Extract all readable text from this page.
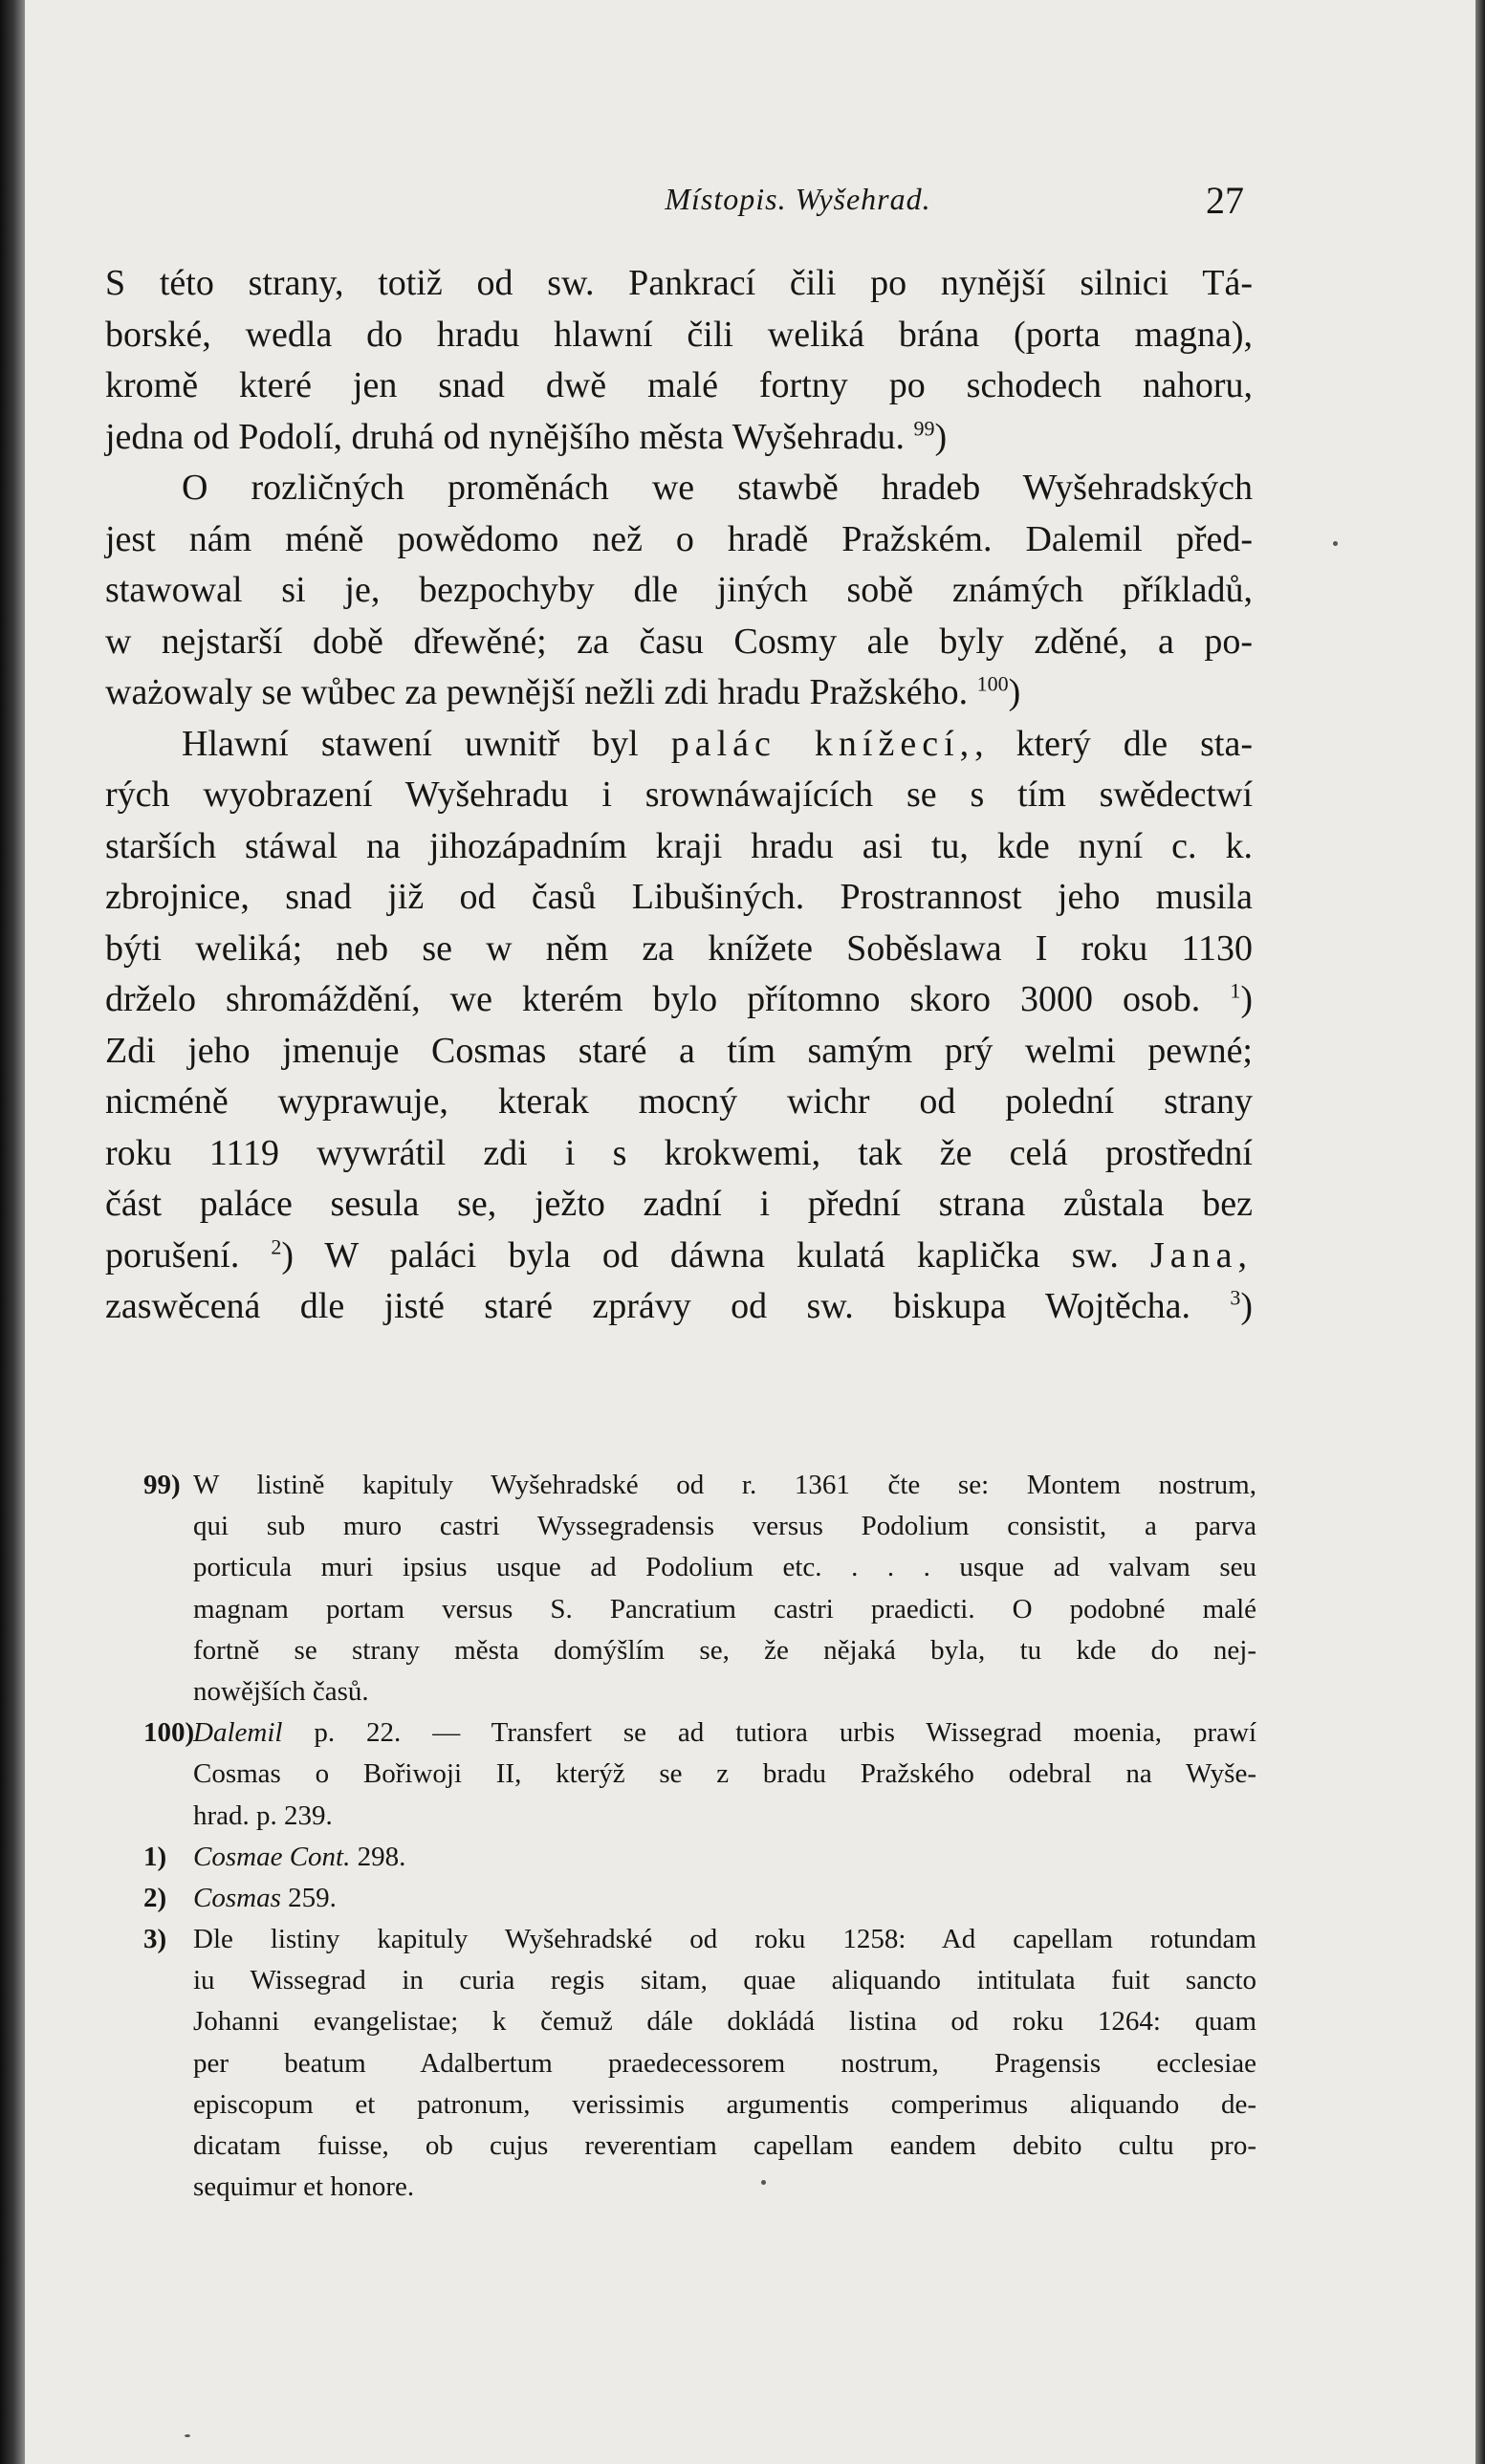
Místopis. Wyšehrad.	27
S této strany, totiž od sw. Pankrací čili po nynější silnici Tá-
borské, wedla do hradu hlawní čili weliká brána (porta magna),
kromě které jen snad dwě malé fortny po schodech nahoru,
jedna od Podolí, druhá od nynějšího města Wyšehradu. $^{99}$)
O rozličných proměnách we stawbě hradeb Wyšehradských
jest nám méně powědomo než o hradě Pražském. Dalemil před-
stawowal si je, bezpochyby dle jiných sobě známých příkladů,
w nejstarší době dřewěné; za času Cosmy ale byly zděné, a po-
ważowaly se wůbec za pewnější nežli zdi hradu Pražského. $^{100}$)
Hlawní stawení uwnitř byl palác knížecí,, který dle sta-
rých wyobrazení Wyšehradu i srownáwajících se s tím swědectwí
starších stáwal na jihozápadním kraji hradu asi tu, kde nyní c. k.
zbrojnice, snad již od časů Libušiných. Prostrannost jeho musila
býti weliká; neb se w něm za knížete Soběslawa I roku 1130
drželo shromáždění, we kterém bylo přítomno skoro 3000 osob. $^1$)
Zdi jeho jmenuje Cosmas staré a tím samým prý welmi pewné;
nicméně wyprawuje, kterak mocný wichr od polední strany
roku 1119 wywrátil zdi i s krokwemi, tak že celá prostřední
část paláce sesula se, ježto zadní i přední strana zůstala bez
porušení. $^2$) W paláci byla od dáwna kulatá kaplička sw. Jana,
zaswěcená dle jisté staré zprávy od sw. biskupa Wojtěcha. $^3$)
99) W listině kapituly Wyšehradské od r. 1361 čte se: Montem nostrum,
qui sub muro castri Wyssegradensis versus Podolium consistit, a parva
porticula muri ipsius usque ad Podolium etc. . . . usque ad valvam seu
magnam portam versus S. Pancratium castri praedicti. O podobné malé
fortně se strany města domýšlím se, že nějaká byla, tu kde do nej-
nowějších časů.
100)
Dalemil p. 22. — Transfert se ad tutiora urbis Wissegrad moenia, prawí
Cosmas o Bořiwoji II, kterýž se z bradu Pražského odebral na Wyše-
hrad. p. 239.
1) Cosmae Cont. 298.
2) Cosmas 259.
3) Dle listiny kapituly Wyšehradské od roku 1258: Ad capellam rotundam
iu Wissegrad in curia regis sitam, quae aliquando intitulata fuit sancto
Johanni evangelistae; k čemuž dále dokládá listina od roku 1264: quam
per beatum Adalbertum praedecessorem nostrum, Pragensis ecclesiae
episcopum et patronum, verissimis argumentis comperimus aliquando de-
dicatam fuisse, ob cujus reverentiam capellam eandem debito cultu pro-
sequimur et honore.
